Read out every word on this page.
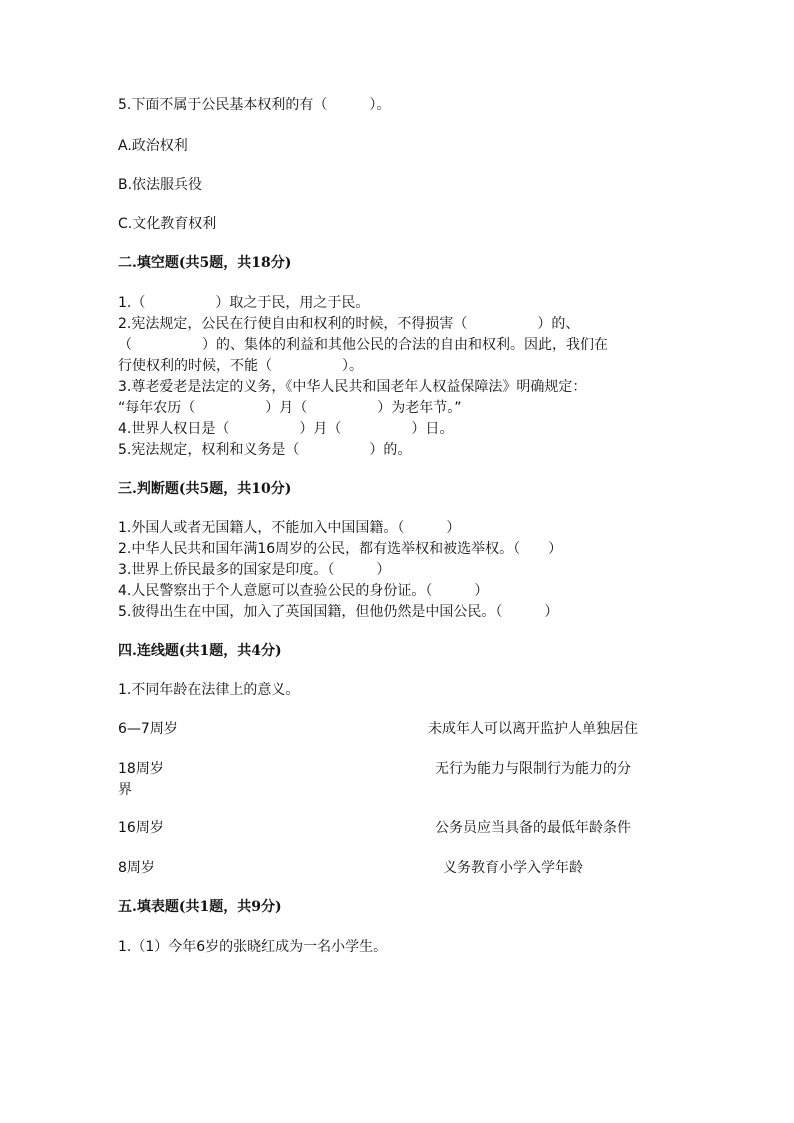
5.下面不属于公民基本权利的有（　　　）。
A.政治权利
B.依法服兵役
C.文化教育权利
二.填空题(共5题，共18分)
1.（　　　　　）取之于民，用之于民。
2.宪法规定，公民在行使自由和权利的时候，不得损害（　　　　　）的、
（　　　　　）的、集体的利益和其他公民的合法的自由和权利。因此，我们在
行使权利的时候，不能（　　　　　）。
3.尊老爱老是法定的义务，《中华人民共和国老年人权益保障法》明确规定：
“每年农历（　　　　　）月（　　　　　）为老年节。”
4.世界人权日是（　　　　　）月（　　　　　）日。
5.宪法规定，权利和义务是（　　　　　）的。
三.判断题(共5题，共10分)
1.外国人或者无国籍人，不能加入中国国籍。（　　　）
2.中华人民共和国年满16周岁的公民，都有选举权和被选举权。（　　）
3.世界上侨民最多的国家是印度。（　　　）
4.人民警察出于个人意愿可以查验公民的身份证。（　　　）
5.彼得出生在中国，加入了英国国籍，但他仍然是中国公民。（　　　）
四.连线题(共1题，共4分)
1.不同年龄在法律上的意义。
6—7周岁	未成年人可以离开监护人单独居住
18周岁	无行为能力与限制行为能力的分
界
16周岁	公务员应当具备的最低年龄条件
8周岁	义务教育小学入学年龄
五.填表题(共1题，共9分)
1.（1）今年6岁的张晓红成为一名小学生。
